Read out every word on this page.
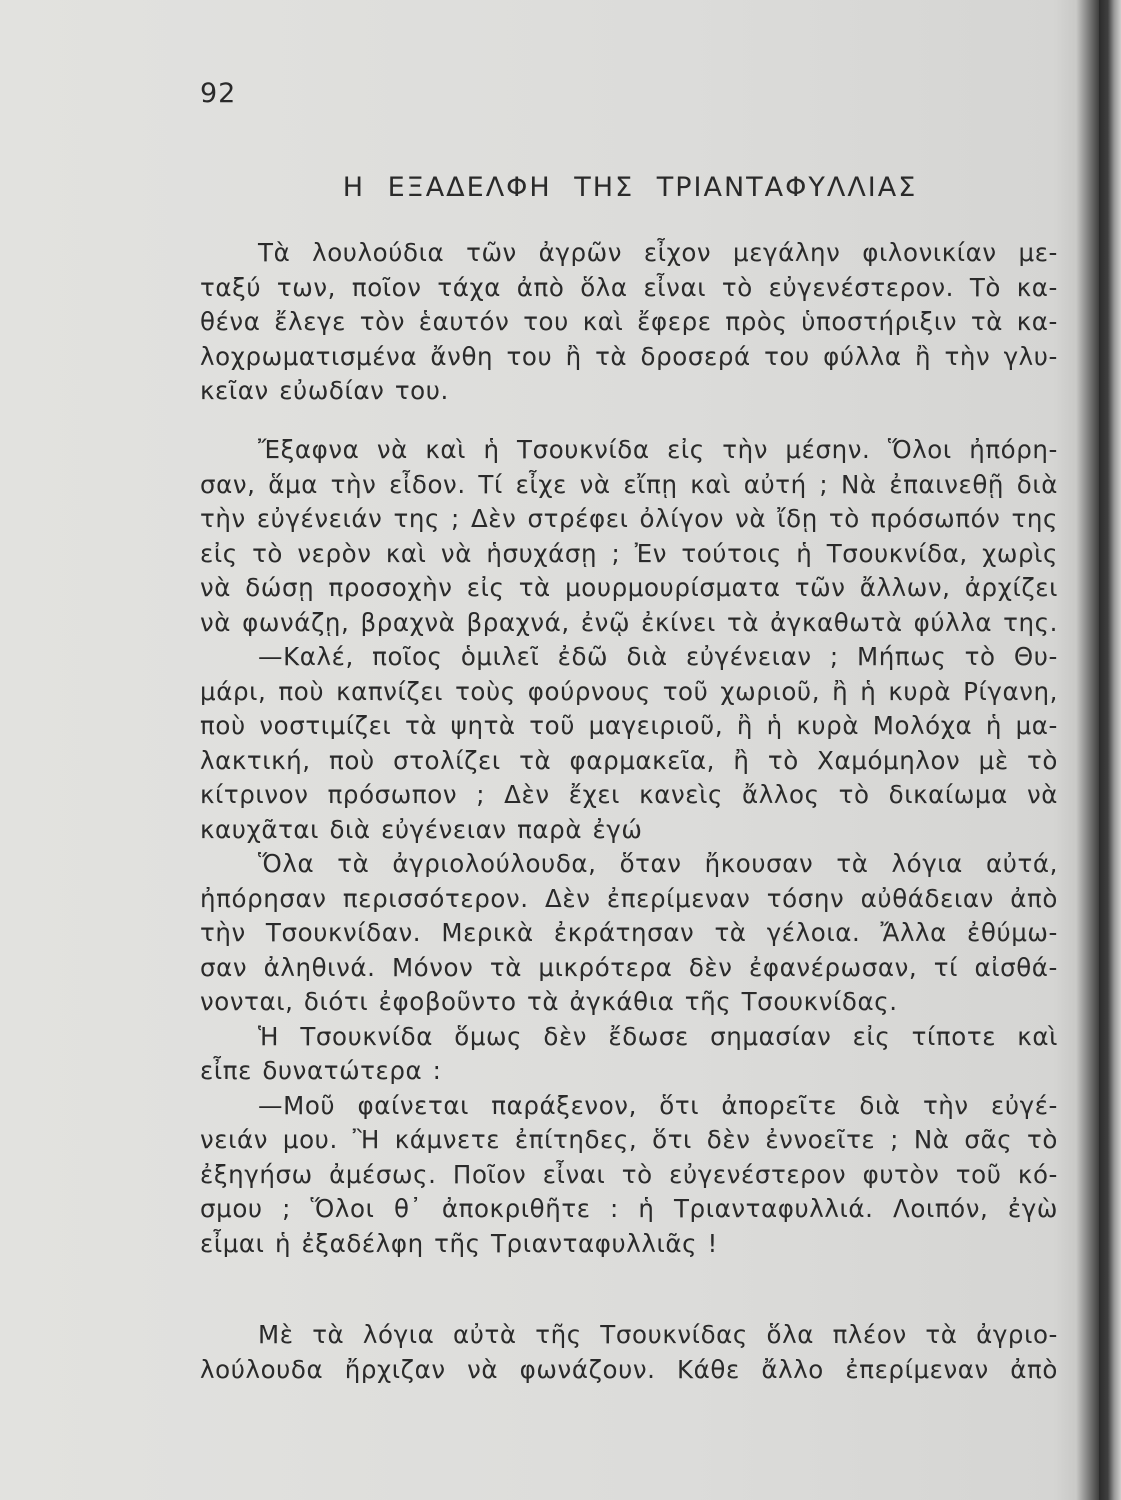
92
Η ΕΞΑΔΕΛΦΗ ΤΗΣ ΤΡΙΑΝΤΑΦΥΛΛΙΑΣ
Τὰ λουλούδια τῶν ἀγρῶν εἶχον μεγάλην φιλονικίαν με-
ταξύ των, ποῖον τάχα ἀπὸ ὅλα εἶναι τὸ εὐγενέστερον. Τὸ κα-
θένα ἔλεγε τὸν ἑαυτόν του καὶ ἔφερε πρὸς ὑποστήριξιν τὰ κα-
λοχρωματισμένα ἄνθη του ἢ τὰ δροσερά του φύλλα ἢ τὴν γλυ-
κεῖαν εὐωδίαν του.
Ἔξαφνα νὰ καὶ ἡ Τσουκνίδα εἰς τὴν μέσην. Ὅλοι ἠπόρη-
σαν, ἅμα τὴν εἶδον. Τί εἶχε νὰ εἴπῃ καὶ αὐτή ; Νὰ ἐπαινεθῇ διὰ
τὴν εὐγένειάν της ; Δὲν στρέφει ὀλίγον νὰ ἴδῃ τὸ πρόσωπόν της
εἰς τὸ νερὸν καὶ νὰ ἡσυχάσῃ ; Ἐν τούτοις ἡ Τσουκνίδα, χωρὶς
νὰ δώσῃ προσοχὴν εἰς τὰ μουρμουρίσματα τῶν ἄλλων, ἀρχίζει
νὰ φωνάζῃ, βραχνὰ βραχνά, ἐνῷ ἐκίνει τὰ ἀγκαθωτὰ φύλλα της.
—Καλέ, ποῖος ὁμιλεῖ ἐδῶ διὰ εὐγένειαν ; Μήπως τὸ Θυ-
μάρι, ποὺ καπνίζει τοὺς φούρνους τοῦ χωριοῦ, ἢ ἡ κυρὰ Ρίγανη,
ποὺ νοστιμίζει τὰ ψητὰ τοῦ μαγειριοῦ, ἢ ἡ κυρὰ Μολόχα ἡ μα-
λακτική, ποὺ στολίζει τὰ φαρμακεῖα, ἢ τὸ Χαμόμηλον μὲ τὸ
κίτρινον πρόσωπον ; Δὲν ἔχει κανεὶς ἄλλος τὸ δικαίωμα νὰ
καυχᾶται διὰ εὐγένειαν παρὰ ἐγώ
Ὅλα τὰ ἀγριολούλουδα, ὅταν ἤκουσαν τὰ λόγια αὐτά,
ἠπόρησαν περισσότερον. Δὲν ἐπερίμεναν τόσην αὐθάδειαν ἀπὸ
τὴν Τσουκνίδαν. Μερικὰ ἐκράτησαν τὰ γέλοια. Ἄλλα ἐθύμω-
σαν ἀληθινά. Μόνον τὰ μικρότερα δὲν ἐφανέρωσαν, τί αἰσθά-
νονται, διότι ἐφοβοῦντο τὰ ἀγκάθια τῆς Τσουκνίδας.
Ἡ Τσουκνίδα ὅμως δὲν ἔδωσε σημασίαν εἰς τίποτε καὶ
εἶπε δυνατώτερα :
—Μοῦ φαίνεται παράξενον, ὅτι ἀπορεῖτε διὰ τὴν εὐγέ-
νειάν μου. Ἢ κάμνετε ἐπίτηδες, ὅτι δὲν ἐννοεῖτε ; Νὰ σᾶς τὸ
ἐξηγήσω ἀμέσως. Ποῖον εἶναι τὸ εὐγενέστερον φυτὸν τοῦ κό-
σμου ; Ὅλοι θ᾽ ἀποκριθῆτε : ἡ Τριανταφυλλιά. Λοιπόν, ἐγὼ
εἶμαι ἡ ἐξαδέλφη τῆς Τριανταφυλλιᾶς !
Μὲ τὰ λόγια αὐτὰ τῆς Τσουκνίδας ὅλα πλέον τὰ ἀγριο-
λούλουδα ἤρχιζαν νὰ φωνάζουν. Κάθε ἄλλο ἐπερίμεναν ἀπὸ
